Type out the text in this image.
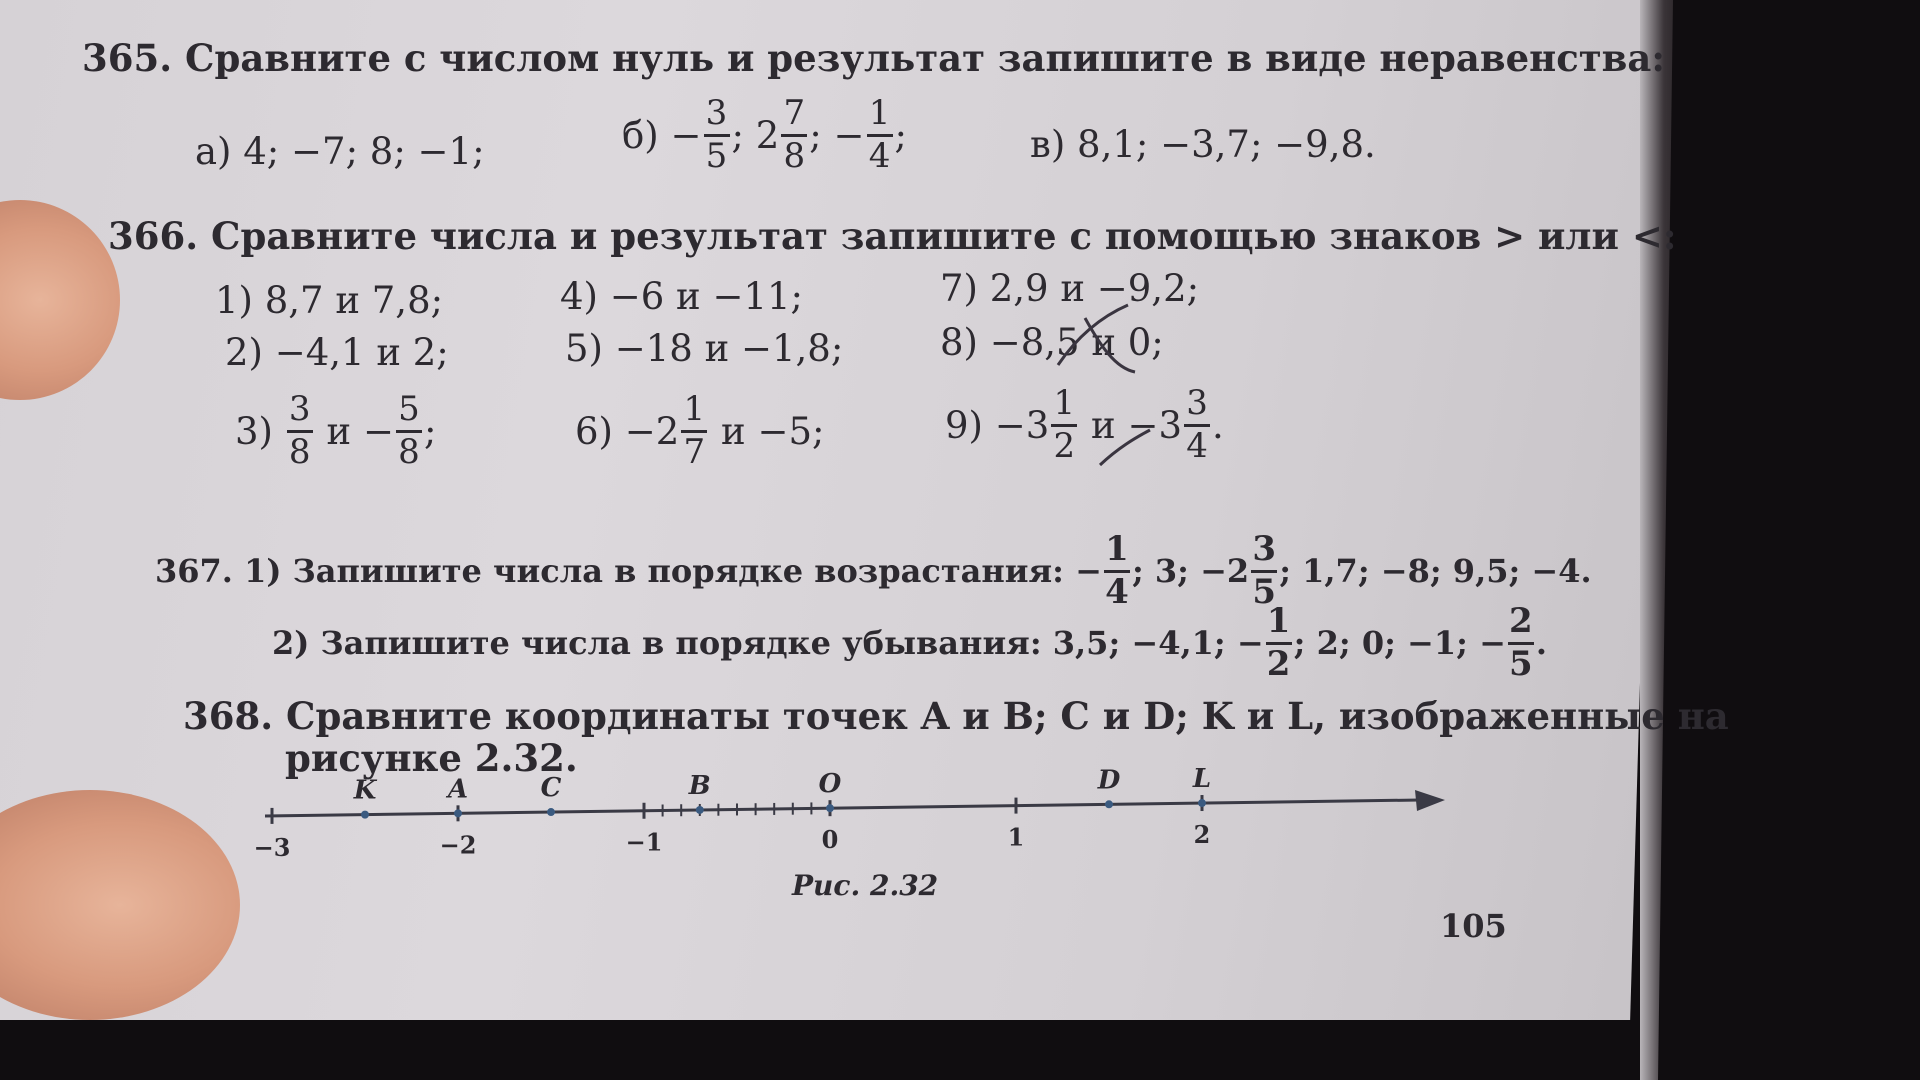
365. Сравните с числом нуль и результат запишите в виде неравенства:
а) 4; −7; 8; −1;	б)
− $\frac{3}{5}$ ;
$2 \frac{7}{8}$ ;
− $\frac{1}{4}$ ;	в) 8,1; −3,7; −9,8.
366. Сравните числа и результат запишите с помощью знаков > или <:
1) 8,7 и 7,8;
2) −4,1 и 2;
4) −6 и −11;
5) −18 и −1,8;
7) 2,9 и −9,2;
8) −8,5 и 0;
3)
$\frac{3}{8}$
$и - \frac{5}{8}$ ;	$6) -2 \frac{1}{7}$
и −5;	$9) -3 \frac{1}{2}$
$и -3 \frac{3}{4}$ .
367. 1) Запишите числа в порядке возрастания:
− $\frac{1}{4}$ ; 3; $-2 \frac{3}{5}$ ; 1,7; −8; 9,5; −4.
2) Запишите числа в порядке убывания: 3,5; −4,1;
− $\frac{1}{2}$ ; 2; 0; −1;
− $\frac{2}{5}$ .
368. Сравните координаты точек A и B; C и D; K и L, изображенные на
рисунке 2.32.
−3	−2	−1	0	1	2
K	A	C	B	O	D	L
Рис. 2.32
105
